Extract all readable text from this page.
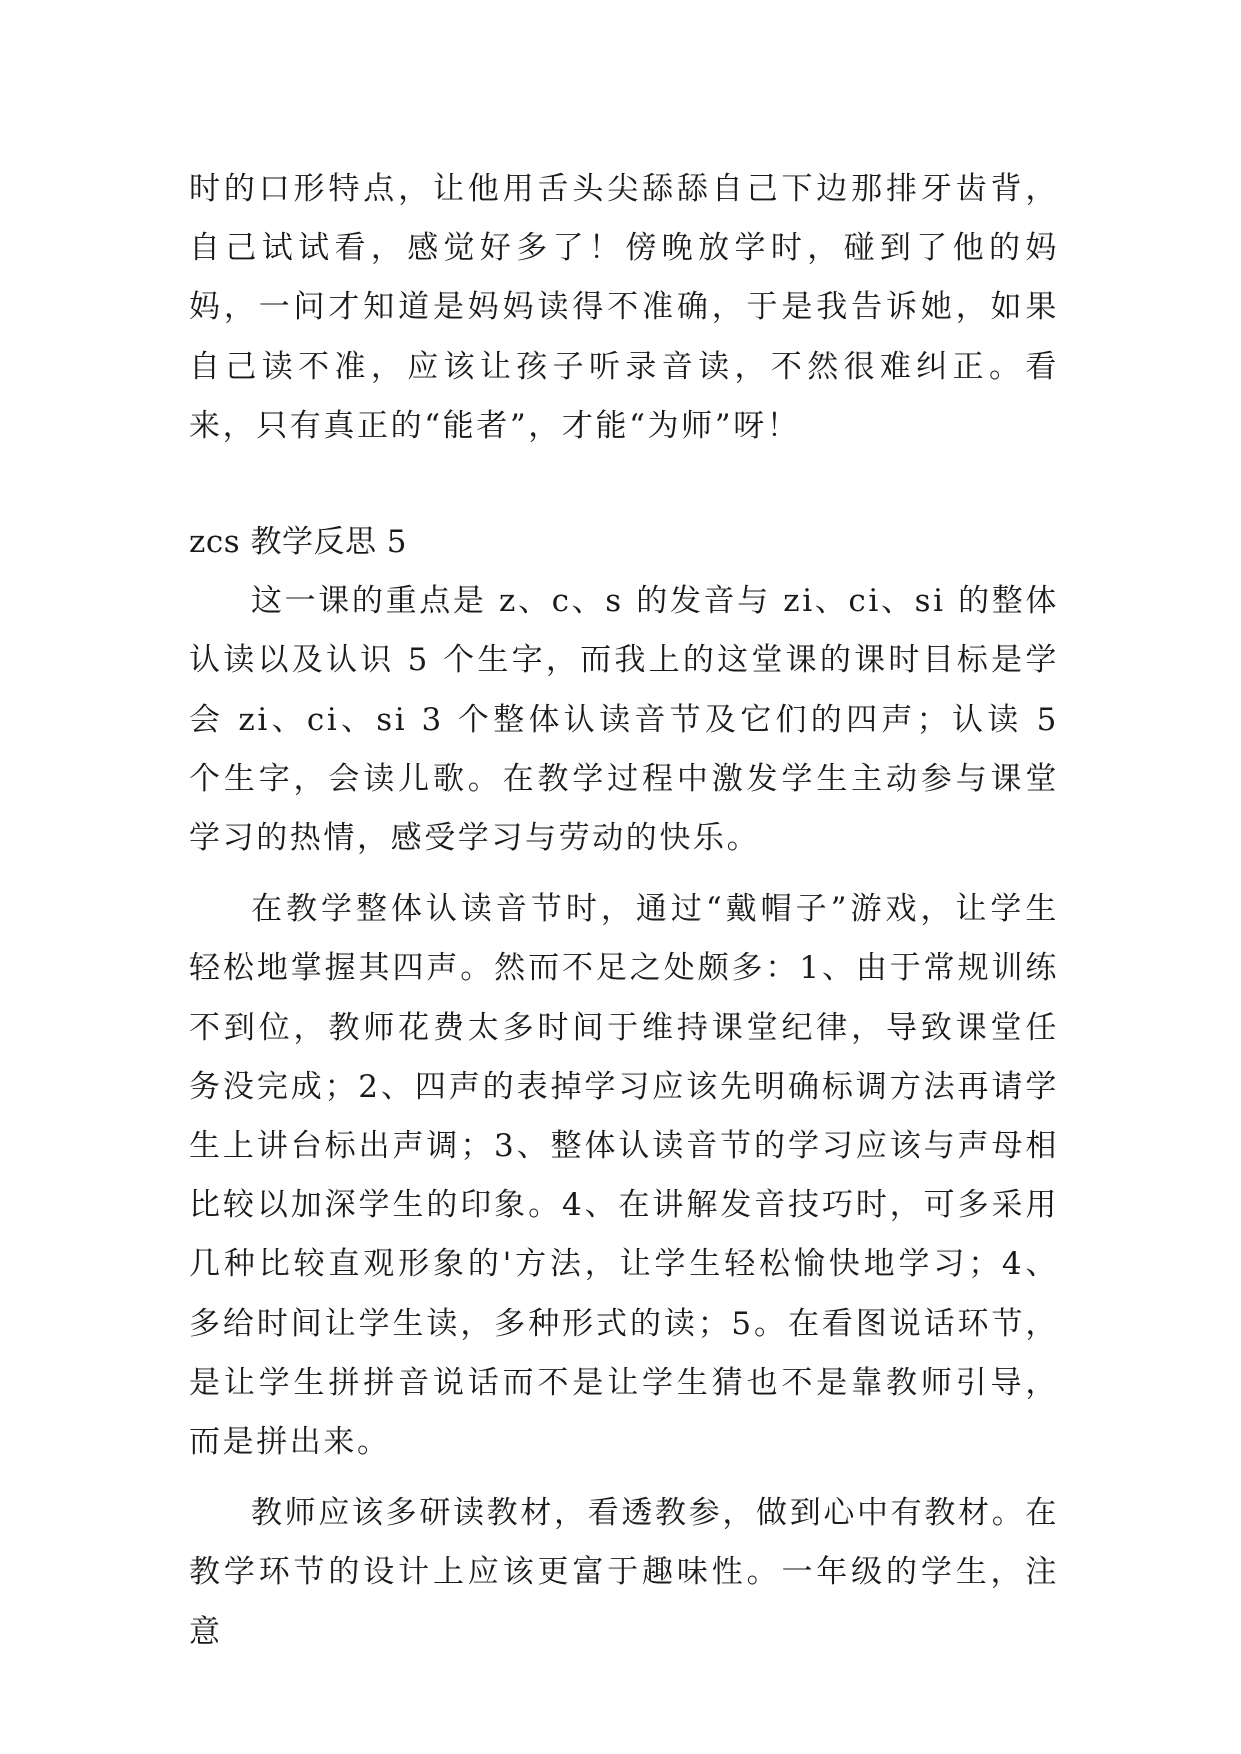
时的口形特点，让他用舌头尖舔舔自己下边那排牙齿背，自己试试看，感觉好多了！傍晚放学时，碰到了他的妈妈，一问才知道是妈妈读得不准确，于是我告诉她，如果自己读不准，应该让孩子听录音读，不然很难纠正。看来，只有真正的“能者”，才能“为师”呀！

zcs 教学反思 5

这一课的重点是 z、c、s 的发音与 zi、ci、si 的整体认读以及认识 5 个生字，而我上的这堂课的课时目标是学会 zi、ci、si 3 个整体认读音节及它们的四声；认读 5 个生字，会读儿歌。在教学过程中激发学生主动参与课堂学习的热情，感受学习与劳动的快乐。

在教学整体认读音节时，通过“戴帽子”游戏，让学生轻松地掌握其四声。然而不足之处颇多：1、由于常规训练不到位，教师花费太多时间于维持课堂纪律，导致课堂任务没完成；2、四声的表掉学习应该先明确标调方法再请学生上讲台标出声调；3、整体认读音节的学习应该与声母相比较以加深学生的印象。4、在讲解发音技巧时，可多采用几种比较直观形象的'方法，让学生轻松愉快地学习；4、多给时间让学生读，多种形式的读；5。在看图说话环节，是让学生拼拼音说话而不是让学生猜也不是靠教师引导，而是拼出来。

教师应该多研读教材，看透教参，做到心中有教材。在教学环节的设计上应该更富于趣味性。一年级的学生，注意
